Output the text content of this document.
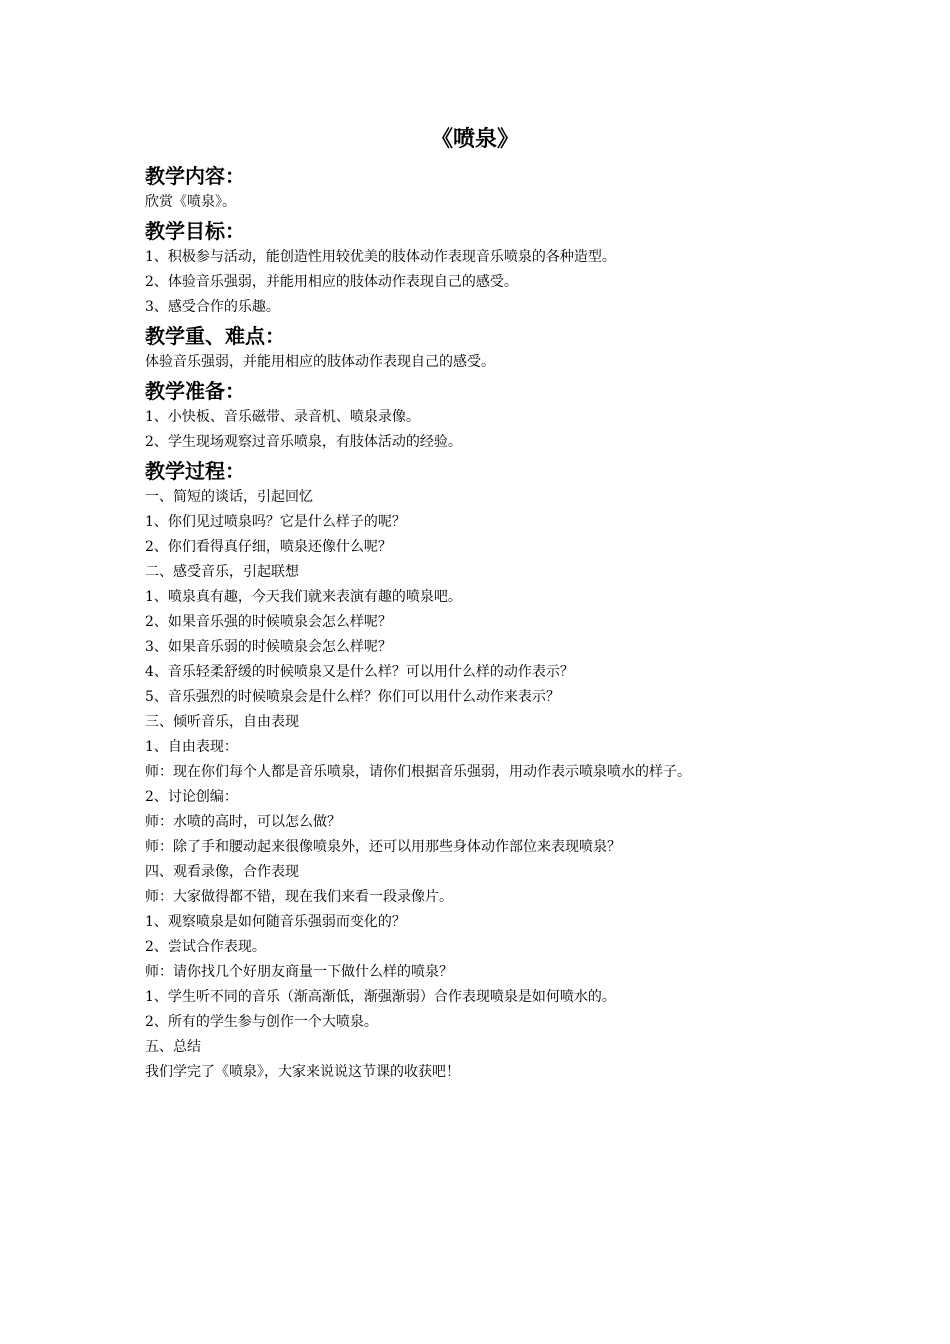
《喷泉》
教学内容：

欣赏《喷泉》。

教学目标：

1、积极参与活动，能创造性用较优美的肢体动作表现音乐喷泉的各种造型。

2、体验音乐强弱，并能用相应的肢体动作表现自己的感受。

3、感受合作的乐趣。

教学重、难点：

体验音乐强弱，并能用相应的肢体动作表现自己的感受。

教学准备：

1、小快板、音乐磁带、录音机、喷泉录像。

2、学生现场观察过音乐喷泉，有肢体活动的经验。

教学过程：

一、简短的谈话，引起回忆

1、你们见过喷泉吗？它是什么样子的呢？

2、你们看得真仔细，喷泉还像什么呢？

二、感受音乐，引起联想

1、喷泉真有趣，今天我们就来表演有趣的喷泉吧。

2、如果音乐强的时候喷泉会怎么样呢？

3、如果音乐弱的时候喷泉会怎么样呢？

4、音乐轻柔舒缓的时候喷泉又是什么样？可以用什么样的动作表示？

5、音乐强烈的时候喷泉会是什么样？你们可以用什么动作来表示？

三、倾听音乐，自由表现

1、自由表现：

师：现在你们每个人都是音乐喷泉，请你们根据音乐强弱，用动作表示喷泉喷水的样子。

2、讨论创编：

师：水喷的高时，可以怎么做？

师：除了手和腰动起来很像喷泉外，还可以用那些身体动作部位来表现喷泉？

四、观看录像，合作表现

师：大家做得都不错，现在我们来看一段录像片。

1、观察喷泉是如何随音乐强弱而变化的？

2、尝试合作表现。

师：请你找几个好朋友商量一下做什么样的喷泉？

1、学生听不同的音乐（渐高渐低，渐强渐弱）合作表现喷泉是如何喷水的。

2、所有的学生参与创作一个大喷泉。

五、总结

我们学完了《喷泉》，大家来说说这节课的收获吧！
